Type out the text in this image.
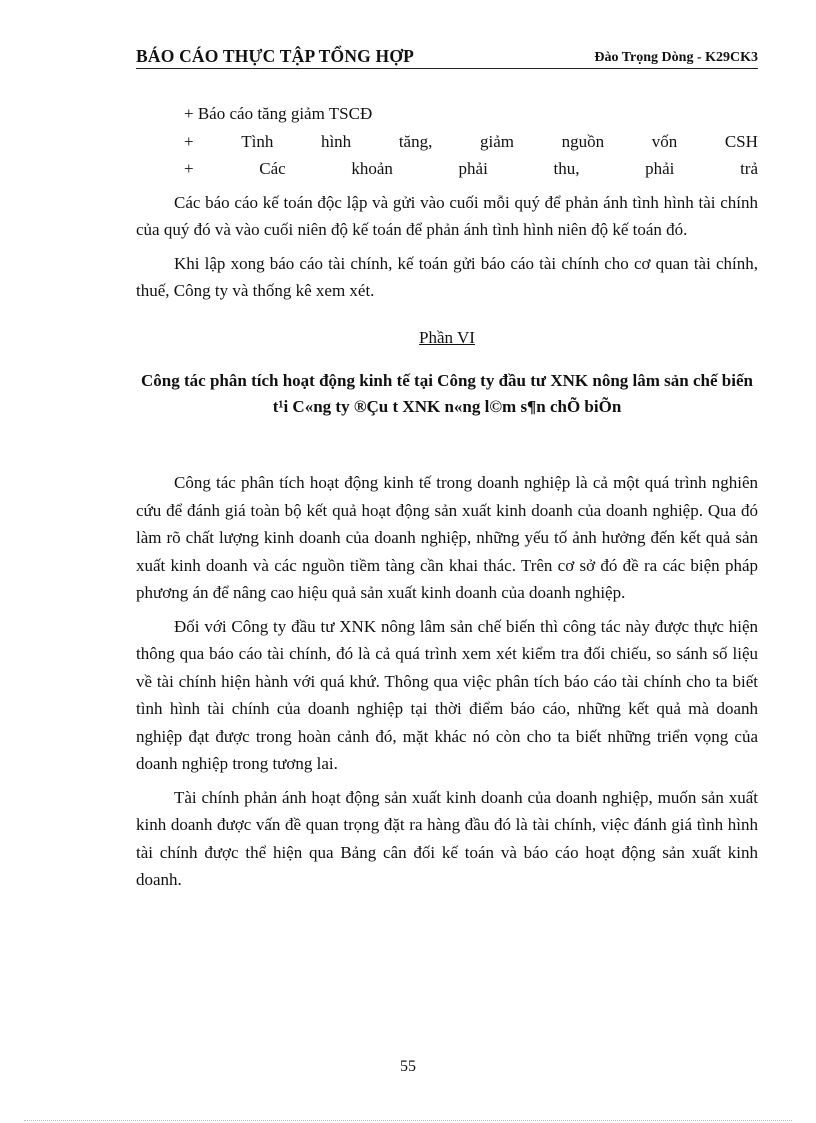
BÁO CÁO THỰC TẬP TỔNG HỢP	Đào Trọng Dòng - K29CK3

+ Báo cáo tăng giảm TSCĐ

+	Tình	hình	tăng,	giảm	nguồn	vốn	CSH

+	Các	khoản	phải	thu,	phải	trả

Các báo cáo kế toán độc lập và gửi vào cuối mỗi quý để phản ánh tình hình tài chính của quý đó và vào cuối niên độ kế toán để phản ánh tình hình niên độ kế toán đó.

Khi lập xong báo cáo tài chính, kế toán gửi báo cáo tài chính cho cơ quan tài chính, thuế, Công ty và thống kê xem xét.

Phần VI

Công tác phân tích hoạt động kinh tế tại Công ty đầu tư XNK nông lâm sản chế biến

t¹i C«ng ty ®Çu t XNK n«ng l©m s¶n chÕ biÕn

Công tác phân tích hoạt động kinh tế trong doanh nghiệp là cả một quá trình nghiên cứu để đánh giá toàn bộ kết quả hoạt động sản xuất kinh doanh của doanh nghiệp. Qua đó làm rõ chất lượng kinh doanh của doanh nghiệp, những yếu tố ảnh hưởng đến kết quả sản xuất kinh doanh và các nguồn tiềm tàng cần khai thác. Trên cơ sở đó đề ra các biện pháp phương án để nâng cao hiệu quả sản xuất kinh doanh của doanh nghiệp.

Đối với Công ty đầu tư XNK nông lâm sản chế biến thì công tác này được thực hiện thông qua báo cáo tài chính, đó là cả quá trình xem xét kiểm tra đối chiếu, so sánh số liệu về tài chính hiện hành với quá khứ. Thông qua việc phân tích báo cáo tài chính cho ta biết tình hình tài chính của doanh nghiệp tại thời điểm báo cáo, những kết quả mà doanh nghiệp đạt được trong hoàn cảnh đó, mặt khác nó còn cho ta biết những triển vọng của doanh nghiệp trong tương lai.

Tài chính phản ánh hoạt động sản xuất kinh doanh của doanh nghiệp, muốn sản xuất kinh doanh được vấn đề quan trọng đặt ra hàng đầu đó là tài chính, việc đánh giá tình hình tài chính được thể hiện qua Bảng cân đối kế toán và báo cáo hoạt động sản xuất kinh doanh.

55
